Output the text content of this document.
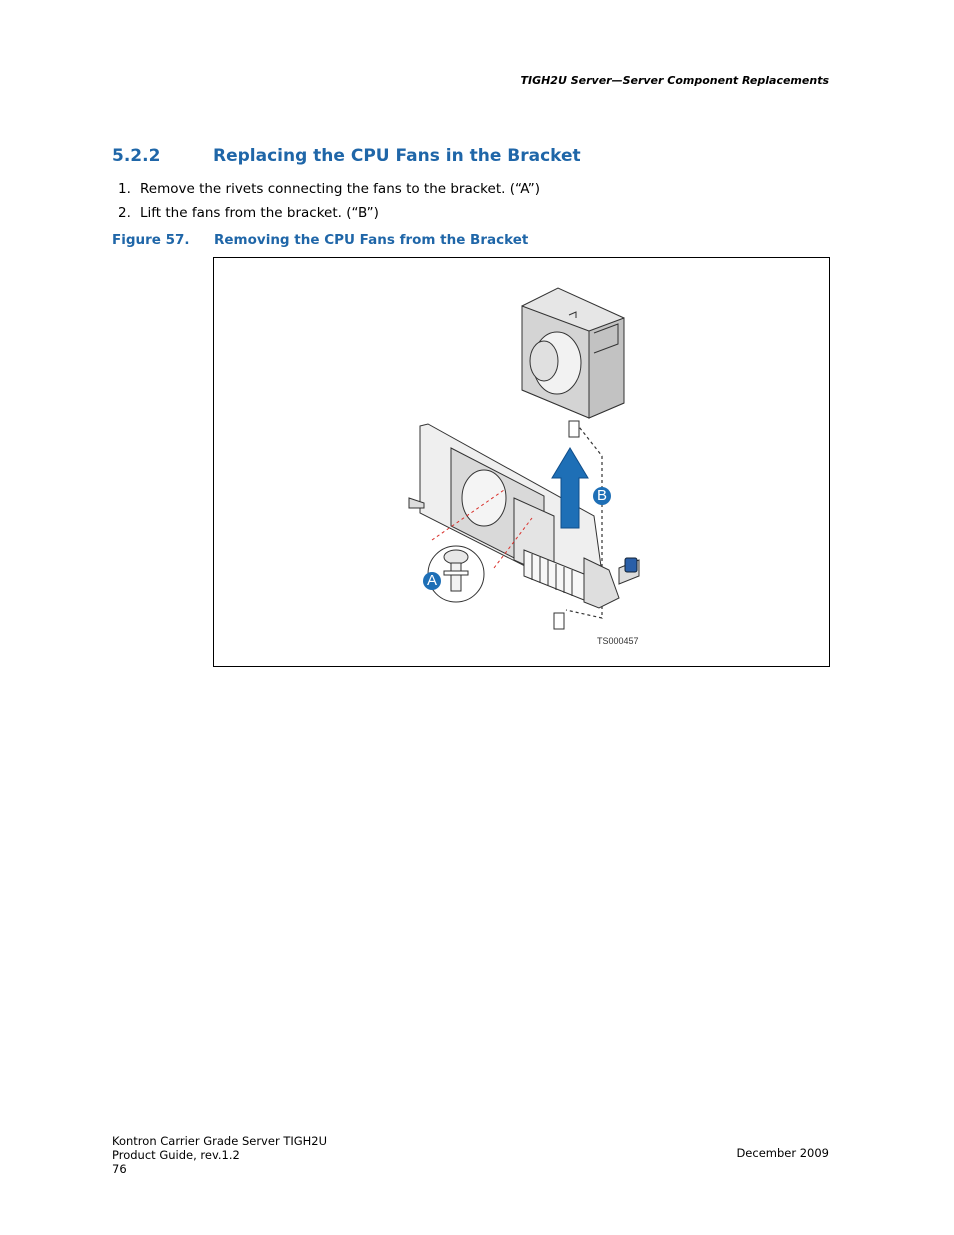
TIGH2U Server—Server Component Replacements
5.2.2	Replacing the CPU Fans in the Bracket
1. Remove the rivets connecting the fans to the bracket. (“A”)
2. Lift the fans from the bracket. (“B”)
Figure 57. Removing the CPU Fans from the Bracket
A
B
TS000457
Kontron Carrier Grade Server TIGH2U
Product Guide, rev.1.2
76
December 2009
